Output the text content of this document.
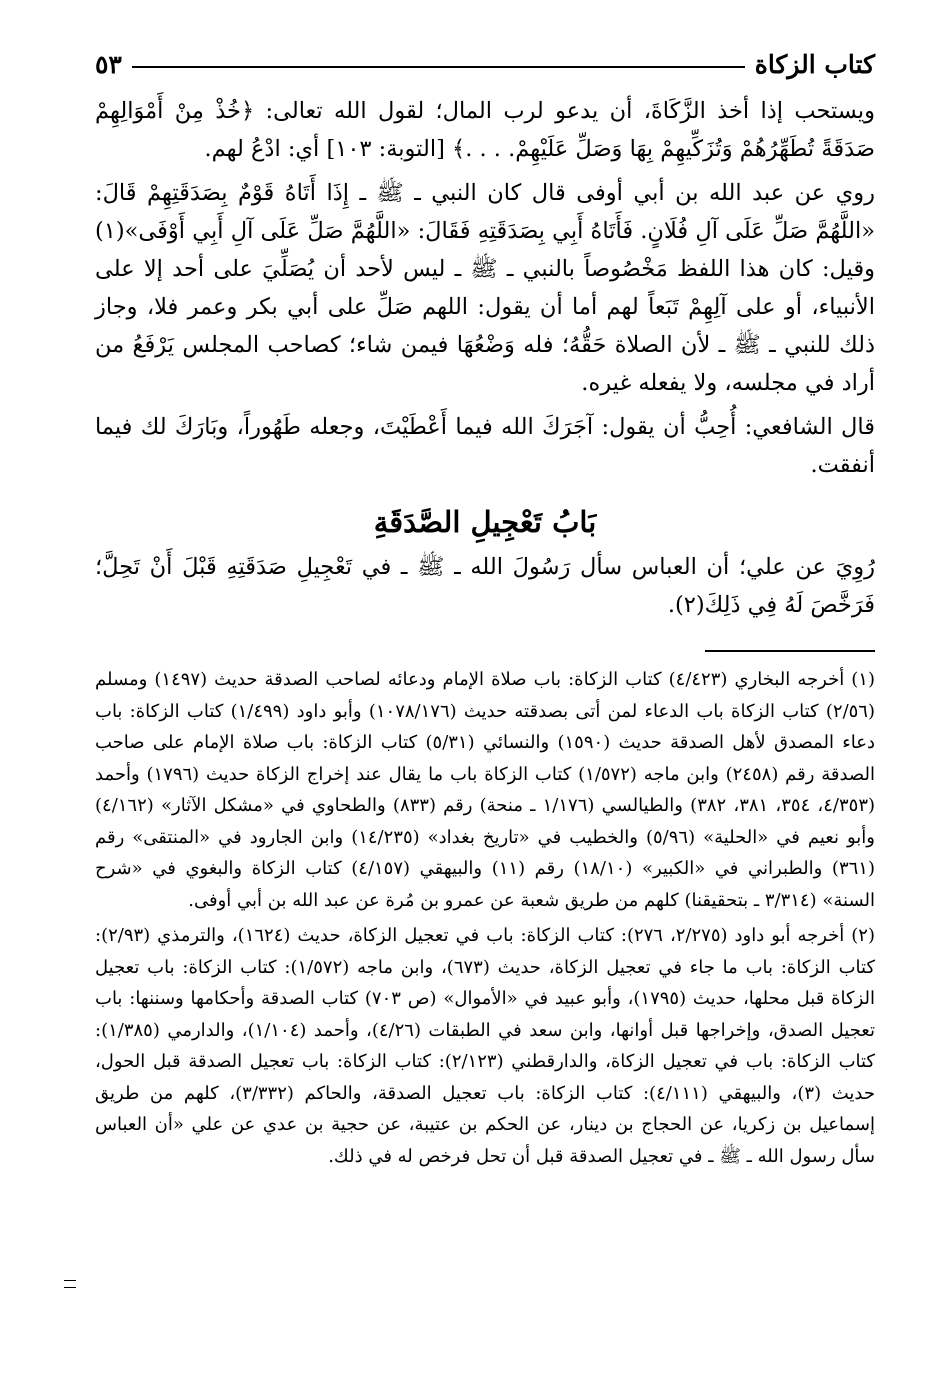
كتاب الزكاة
٥٣

ويستحب إذا أخذ الزَّكَاةَ، أن يدعو لرب المال؛ لقول الله تعالى: ﴿خُذْ مِنْ أَمْوَالِهِمْ صَدَقَةً تُطَهِّرُهُمْ وَتُزَكِّيهِمْ بِهَا وَصَلِّ عَلَيْهِمْ. . . .﴾ [التوبة: ١٠٣] أي: ادْعُ لهم.

روي عن عبد الله بن أبي أوفى قال كان النبي ـ ﷺ ـ إِذَا أَتَاهُ قَوْمٌ بِصَدَقَتِهِمْ قَالَ: «اللَّهُمَّ صَلِّ عَلَى آلِ فُلَانٍ. فَأَتَاهُ أَبِي بِصَدَقَتِهِ فَقَالَ: «اللَّهُمَّ صَلِّ عَلَى آلِ أَبِي أَوْفَى»(١) وقيل: كان هذا اللفظ مَخْصُوصاً بالنبي ـ ﷺ ـ ليس لأحد أن يُصَلِّيَ على أحد إلا على الأنبياء، أو على آلِهِمْ تَبَعاً لهم أما أن يقول: اللهم صَلِّ على أبي بكر وعمر فلا، وجاز ذلك للنبي ـ ﷺ ـ لأن الصلاة حَقُّهُ؛ فله وَضْعُهَا فيمن شاء؛ كصاحب المجلس يَرْفَعُ من أراد في مجلسه، ولا يفعله غيره.

قال الشافعي: أُحِبُّ أن يقول: آجَرَكَ الله فيما أَعْطَيْتَ، وجعله طَهُوراً، وبَارَكَ لك فيما أنفقت.

بَابُ تَعْجِيلِ الصَّدَقَةِ

رُوِيَ عن علي؛ أن العباس سأل رَسُولَ الله ـ ﷺ ـ في تَعْجِيلِ صَدَقَتِهِ قَبْلَ أَنْ تَحِلَّ؛ فَرَخَّصَ لَهُ فِي ذَلِكَ(٢).

(١) أخرجه البخاري (٤/٤٢٣) كتاب الزكاة: باب صلاة الإمام ودعائه لصاحب الصدقة حديث (١٤٩٧) ومسلم (٢/٥٦) كتاب الزكاة باب الدعاء لمن أتى بصدقته حديث (١٠٧٨/١٧٦) وأبو داود (١/٤٩٩) كتاب الزكاة: باب دعاء المصدق لأهل الصدقة حديث (١٥٩٠) والنسائي (٥/٣١) كتاب الزكاة: باب صلاة الإمام على صاحب الصدقة رقم (٢٤٥٨) وابن ماجه (١/٥٧٢) كتاب الزكاة باب ما يقال عند إخراج الزكاة حديث (١٧٩٦) وأحمد (٤/٣٥٣، ٣٥٤، ٣٨١، ٣٨٢) والطيالسي (١/١٧٦ ـ منحة) رقم (٨٣٣) والطحاوي في «مشكل الآثار» (٤/١٦٢) وأبو نعيم في «الحلية» (٥/٩٦) والخطيب في «تاريخ بغداد» (١٤/٢٣٥) وابن الجارود في «المنتقى» رقم (٣٦١) والطبراني في «الكبير» (١٨/١٠) رقم (١١) والبيهقي (٤/١٥٧) كتاب الزكاة والبغوي في «شرح السنة» (٣/٣١٤ ـ بتحقيقنا) كلهم من طريق شعبة عن عمرو بن مُرة عن عبد الله بن أبي أوفى.

(٢) أخرجه أبو داود (٢/٢٧٥، ٢٧٦): كتاب الزكاة: باب في تعجيل الزكاة، حديث (١٦٢٤)، والترمذي (٢/٩٣): كتاب الزكاة: باب ما جاء في تعجيل الزكاة، حديث (٦٧٣)، وابن ماجه (١/٥٧٢): كتاب الزكاة: باب تعجيل الزكاة قبل محلها، حديث (١٧٩٥)، وأبو عبيد في «الأموال» (ص ٧٠٣) كتاب الصدقة وأحكامها وسننها: باب تعجيل الصدق، وإخراجها قبل أوانها، وابن سعد في الطبقات (٤/٢٦)، وأحمد (١/١٠٤)، والدارمي (١/٣٨٥): كتاب الزكاة: باب في تعجيل الزكاة، والدارقطني (٢/١٢٣): كتاب الزكاة: باب تعجيل الصدقة قبل الحول، حديث (٣)، والبيهقي (٤/١١١): كتاب الزكاة: باب تعجيل الصدقة، والحاكم (٣/٣٣٢)، كلهم من طريق إسماعيل بن زكريا، عن الحجاج بن دينار، عن الحكم بن عتيبة، عن حجية بن عدي عن علي «أن العباس سأل رسول الله ـ ﷺ ـ في تعجيل الصدقة قبل أن تحل فرخص له في ذلك.
